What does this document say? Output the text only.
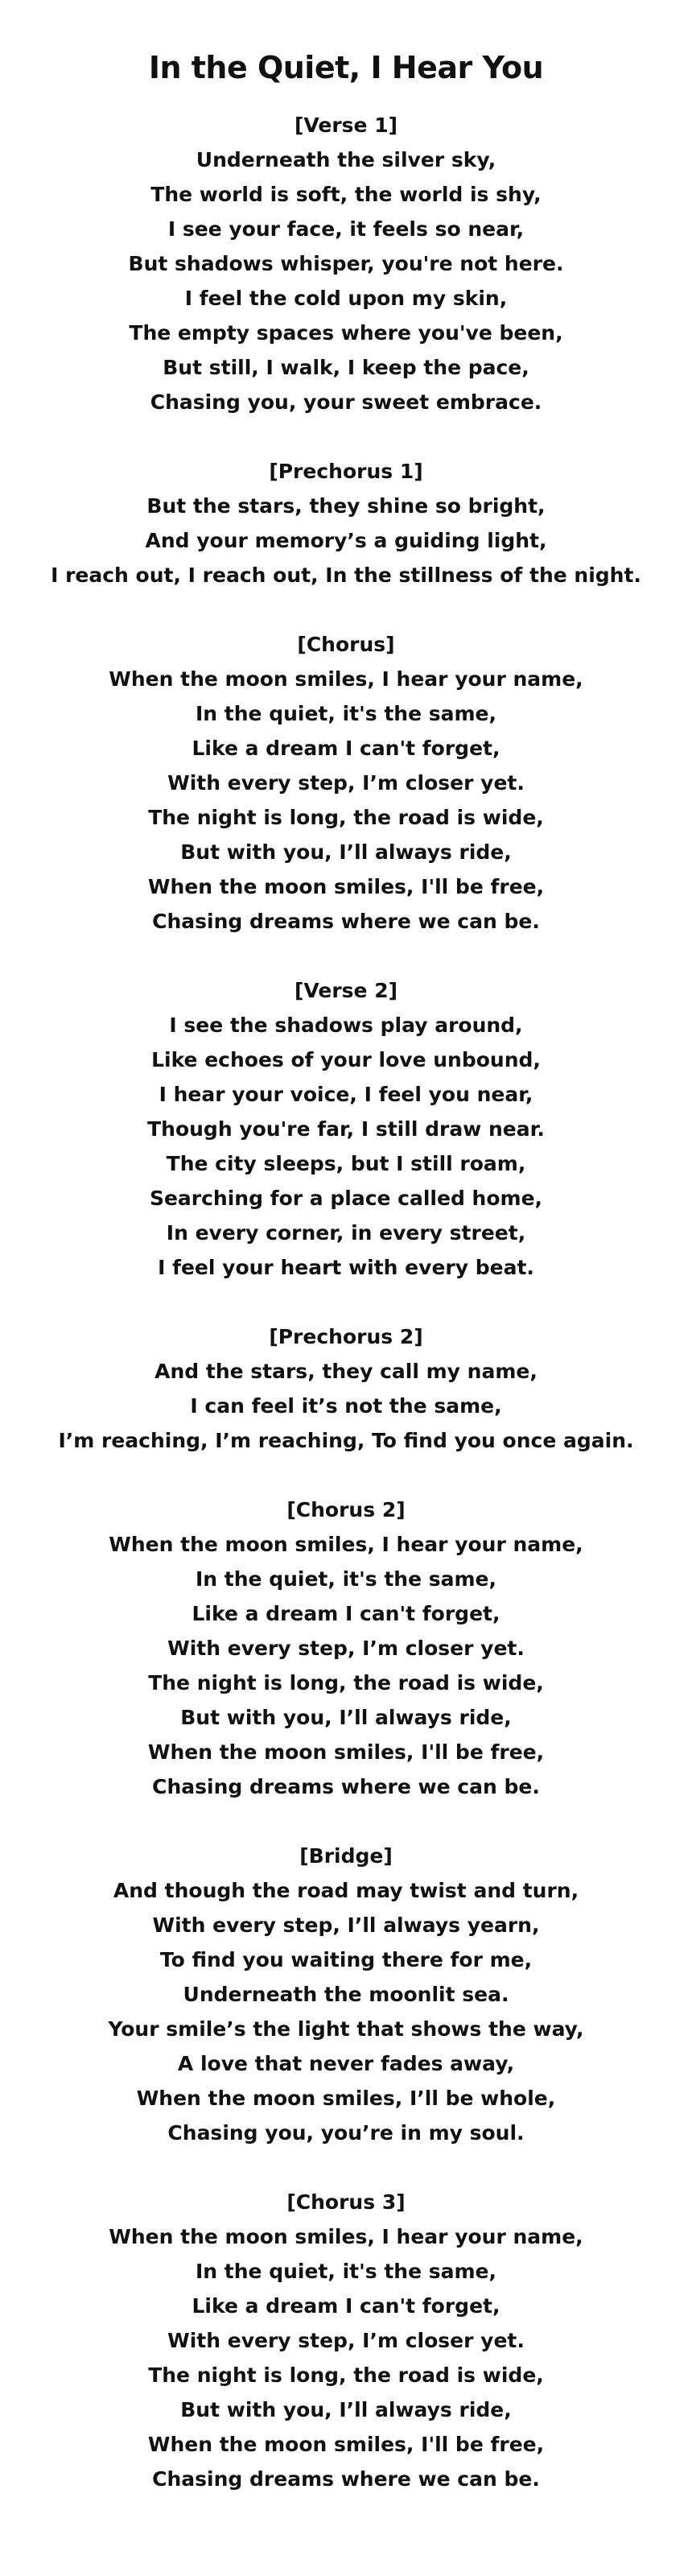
In the Quiet, I Hear You
[Verse 1]
Underneath the silver sky,
The world is soft, the world is shy,
I see your face, it feels so near,
But shadows whisper, you're not here.
I feel the cold upon my skin,
The empty spaces where you've been,
But still, I walk, I keep the pace,
Chasing you, your sweet embrace.
[Prechorus 1]
But the stars, they shine so bright,
And your memory’s a guiding light,
I reach out, I reach out, In the stillness of the night.
[Chorus]
When the moon smiles, I hear your name,
In the quiet, it's the same,
Like a dream I can't forget,
With every step, I’m closer yet.
The night is long, the road is wide,
But with you, I’ll always ride,
When the moon smiles, I'll be free,
Chasing dreams where we can be.
[Verse 2]
I see the shadows play around,
Like echoes of your love unbound,
I hear your voice, I feel you near,
Though you're far, I still draw near.
The city sleeps, but I still roam,
Searching for a place called home,
In every corner, in every street,
I feel your heart with every beat.
[Prechorus 2]
And the stars, they call my name,
I can feel it’s not the same,
I’m reaching, I’m reaching, To find you once again.
[Chorus 2]
When the moon smiles, I hear your name,
In the quiet, it's the same,
Like a dream I can't forget,
With every step, I’m closer yet.
The night is long, the road is wide,
But with you, I’ll always ride,
When the moon smiles, I'll be free,
Chasing dreams where we can be.
[Bridge]
And though the road may twist and turn,
With every step, I’ll always yearn,
To find you waiting there for me,
Underneath the moonlit sea.
Your smile’s the light that shows the way,
A love that never fades away,
When the moon smiles, I’ll be whole,
Chasing you, you’re in my soul.
[Chorus 3]
When the moon smiles, I hear your name,
In the quiet, it's the same,
Like a dream I can't forget,
With every step, I’m closer yet.
The night is long, the road is wide,
But with you, I’ll always ride,
When the moon smiles, I'll be free,
Chasing dreams where we can be.
